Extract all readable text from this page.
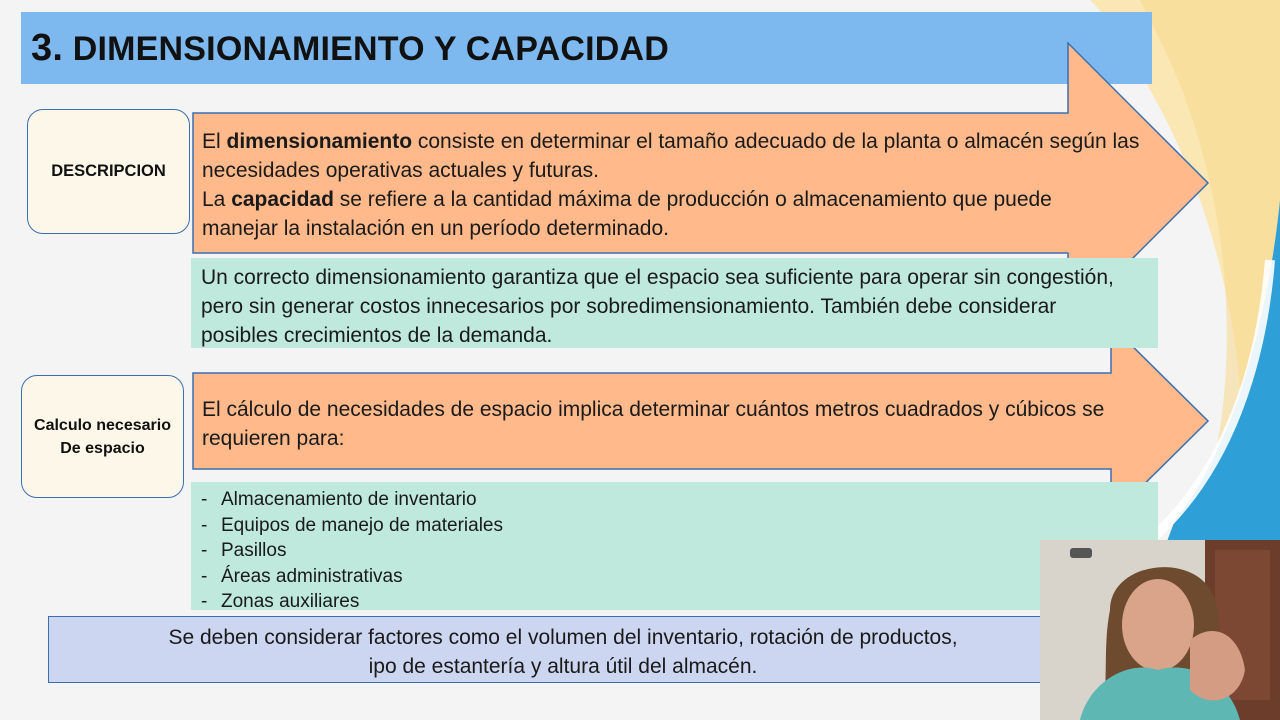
3. DIMENSIONAMIENTO Y CAPACIDAD
DESCRIPCION
El dimensionamiento consiste en determinar el tamaño adecuado de la planta o almacén según las necesidades operativas actuales y futuras.
La capacidad se refiere a la cantidad máxima de producción o almacenamiento que puede manejar la instalación en un período determinado.
Un correcto dimensionamiento garantiza que el espacio sea suficiente para operar sin congestión, pero sin generar costos innecesarios por sobredimensionamiento. También debe considerar posibles crecimientos de la demanda.
Calculo necesario
De espacio
El cálculo de necesidades de espacio implica determinar cuántos metros cuadrados y cúbicos se requieren para:
- Almacenamiento de inventario
- Equipos de manejo de materiales
- Pasillos
- Áreas administrativas
- Zonas auxiliares
Se deben considerar factores como el volumen del inventario, rotación de productos,
ipo de estantería y altura útil del almacén.
